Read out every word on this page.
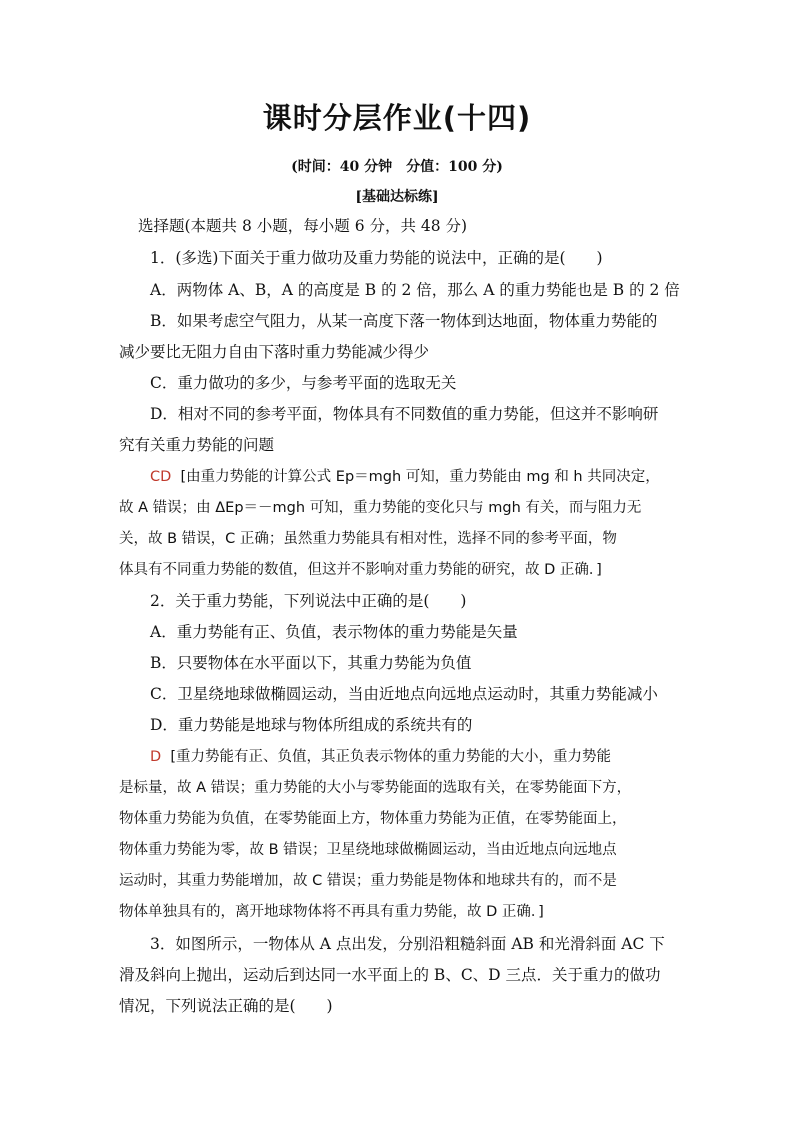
课时分层作业(十四)
(时间：40 分钟　分值：100 分)
[基础达标练]
选择题(本题共 8 小题，每小题 6 分，共 48 分)
1．(多选)下面关于重力做功及重力势能的说法中，正确的是(　　)
A．两物体 A、B，A 的高度是 B 的 2 倍，那么 A 的重力势能也是 B 的 2 倍
B．如果考虑空气阻力，从某一高度下落一物体到达地面，物体重力势能的
减少要比无阻力自由下落时重力势能减少得少
C．重力做功的多少，与参考平面的选取无关
D．相对不同的参考平面，物体具有不同数值的重力势能，但这并不影响研
究有关重力势能的问题
CD [由重力势能的计算公式 Ep＝mgh 可知，重力势能由 mg 和 h 共同决定，
故 A 错误；由 ΔEp＝－mgh 可知，重力势能的变化只与 mgh 有关，而与阻力无
关，故 B 错误，C 正确；虽然重力势能具有相对性，选择不同的参考平面，物
体具有不同重力势能的数值，但这并不影响对重力势能的研究，故 D 正确．]
2．关于重力势能，下列说法中正确的是(　　)
A．重力势能有正、负值，表示物体的重力势能是矢量
B．只要物体在水平面以下，其重力势能为负值
C．卫星绕地球做椭圆运动，当由近地点向远地点运动时，其重力势能减小
D．重力势能是地球与物体所组成的系统共有的
D [重力势能有正、负值，其正负表示物体的重力势能的大小，重力势能
是标量，故 A 错误；重力势能的大小与零势能面的选取有关，在零势能面下方，
物体重力势能为负值，在零势能面上方，物体重力势能为正值，在零势能面上，
物体重力势能为零，故 B 错误；卫星绕地球做椭圆运动，当由近地点向远地点
运动时，其重力势能增加，故 C 错误；重力势能是物体和地球共有的，而不是
物体单独具有的，离开地球物体将不再具有重力势能，故 D 正确．]
3．如图所示，一物体从 A 点出发，分别沿粗糙斜面 AB 和光滑斜面 AC 下
滑及斜向上抛出，运动后到达同一水平面上的 B、C、D 三点．关于重力的做功
情况，下列说法正确的是(　　)
